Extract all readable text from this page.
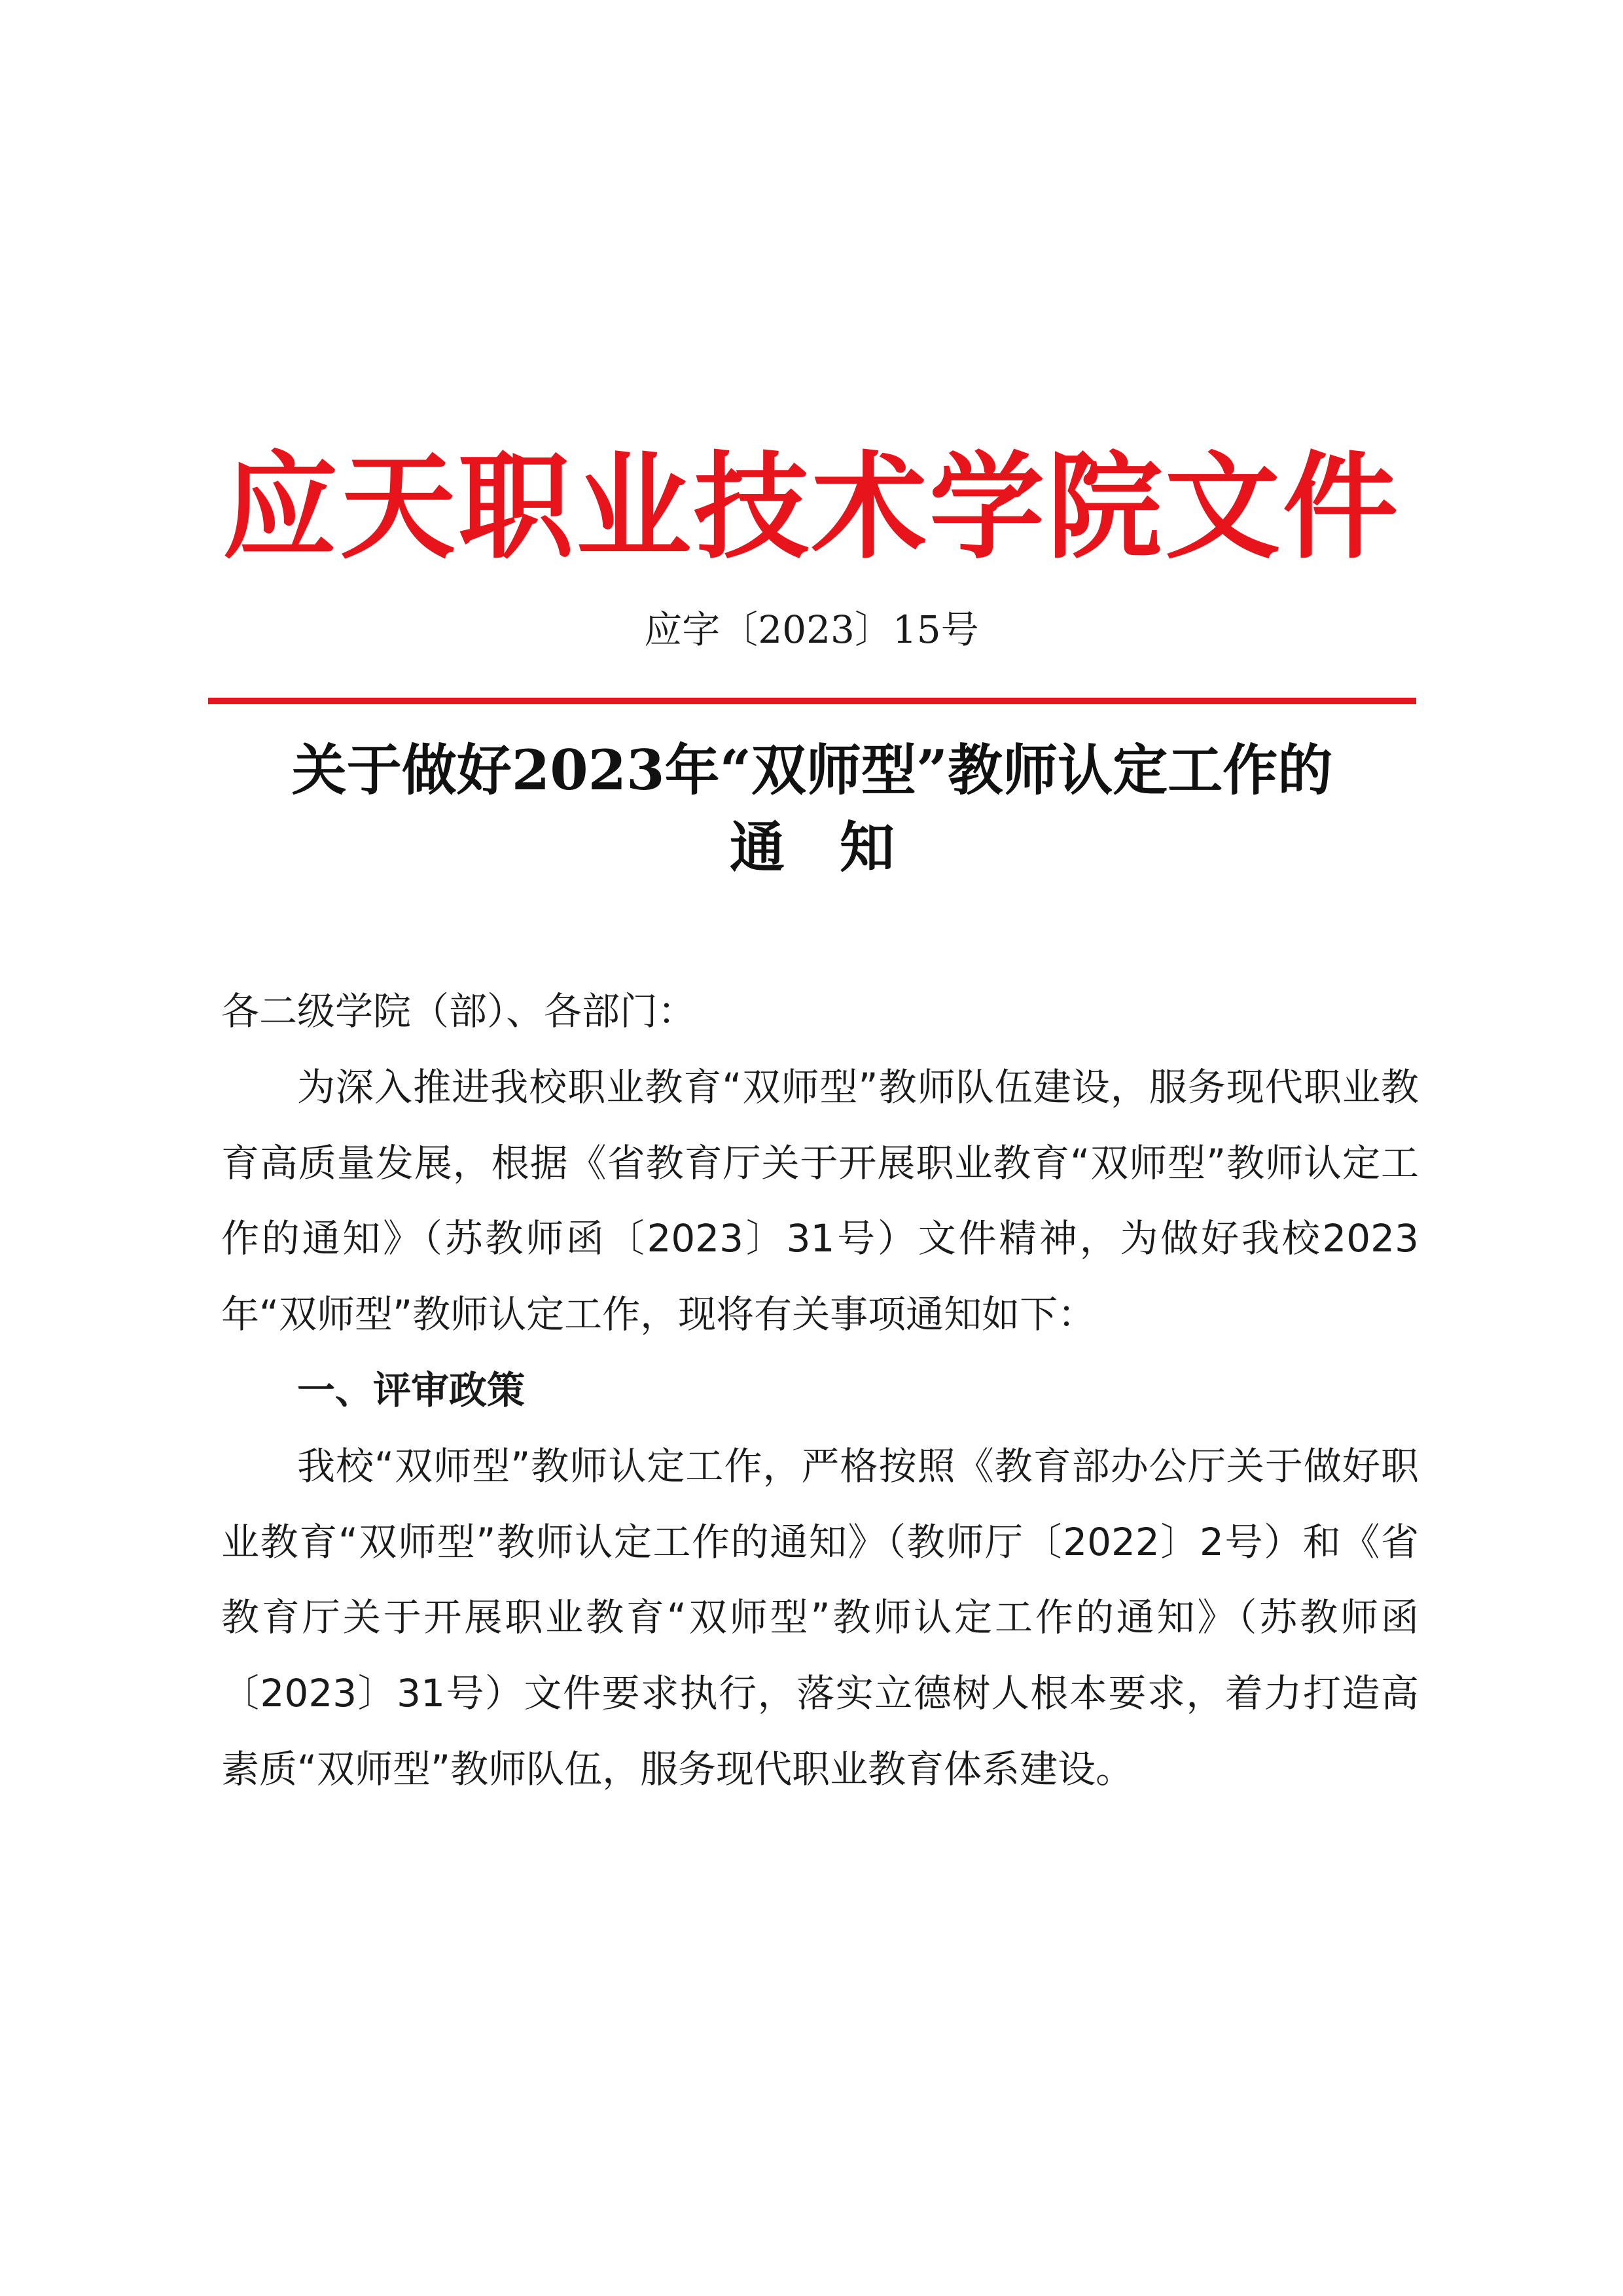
应天职业技术学院文件
应字〔2023〕15号
关于做好2023年“双师型”教师认定工作的
通　知

各二级学院（部）、各部门：

为深入推进我校职业教育“双师型”教师队伍建设，服务现代职业教育高质量发展，根据《省教育厅关于开展职业教育“双师型”教师认定工作的通知》（苏教师函〔2023〕31号）文件精神，为做好我校2023年“双师型”教师认定工作，现将有关事项通知如下：

一、评审政策

我校“双师型”教师认定工作，严格按照《教育部办公厅关于做好职业教育“双师型”教师认定工作的通知》（教师厅〔2022〕2号）和《省教育厅关于开展职业教育“双师型”教师认定工作的通知》（苏教师函〔2023〕31号）文件要求执行，落实立德树人根本要求，着力打造高素质“双师型”教师队伍，服务现代职业教育体系建设。
